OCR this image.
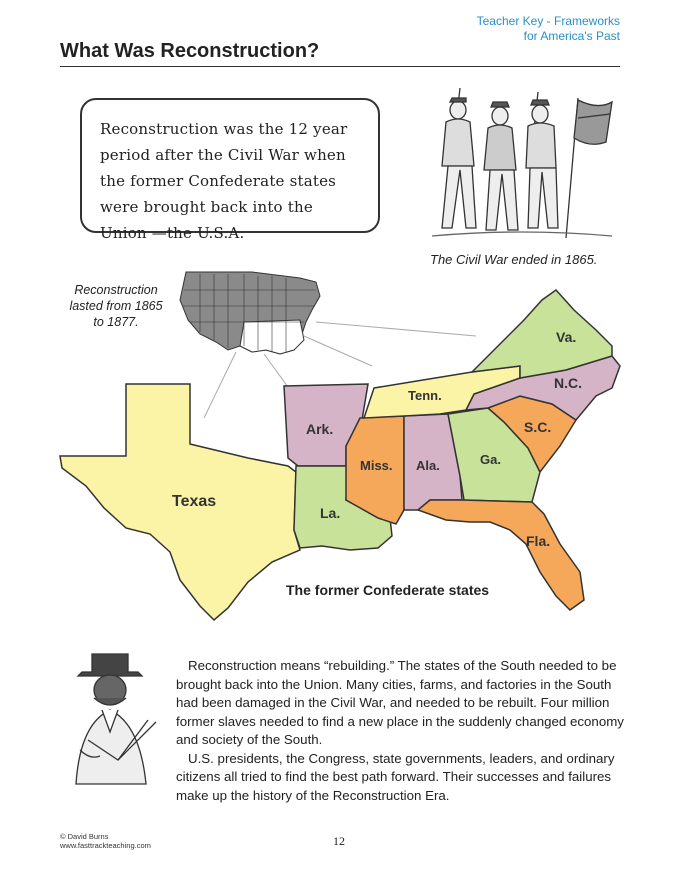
Teacher Key - Frameworks
for America's Past
What Was Reconstruction?
Reconstruction was the 12 year period after the Civil War when the former Confederate states were brought back into the Union —the U.S.A.
The Civil War ended in 1865.
Reconstruction lasted from 1865 to 1877.
Texas
Ark.
La.
Miss. Ala.	Ga.
Fla.
S.C.
N.C.
Tenn.
Va.
The former Confederate states

Reconstruction means “rebuilding.” The states of the South needed to be brought back into the Union. Many cities, farms, and factories in the South had been damaged in the Civil War, and needed to be rebuilt. Four million former slaves needed to find a new place in the suddenly changed economy and society of the South.

U.S. presidents, the Congress, state governments, leaders, and ordinary citizens all tried to find the best path forward. Their successes and failures make up the history of the Reconstruction Era.

© David Burns
www.fasttrackteaching.com	12
